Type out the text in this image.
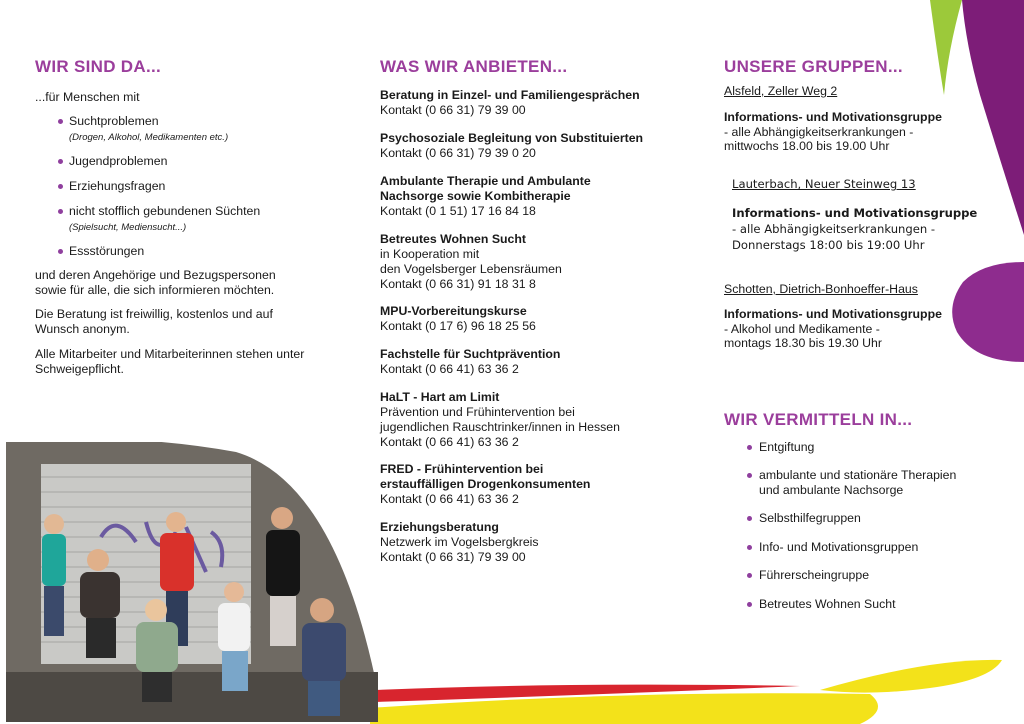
WIR SIND DA...
...für Menschen mit
Suchtproblemen
(Drogen, Alkohol, Medikamenten etc.)
Jugendproblemen
Erziehungsfragen
nicht stofflich gebundenen Süchten
(Spielsucht, Mediensucht...)
Essstörungen
und deren Angehörige und Bezugspersonen
sowie für alle, die sich informieren möchten.
Die Beratung ist freiwillig, kostenlos und auf
Wunsch anonym.
Alle Mitarbeiter und Mitarbeiterinnen stehen unter
Schweigepflicht.
WAS WIR ANBIETEN...
Beratung in Einzel- und Familiengesprächen
Kontakt (0 66 31) 79 39 00
Psychosoziale Begleitung von Substituierten
Kontakt (0 66 31) 79 39 0 20
Ambulante Therapie und Ambulante
Nachsorge sowie Kombitherapie
Kontakt (0 1 51) 17 16 84 18
Betreutes Wohnen Sucht
in Kooperation mit
den Vogelsberger Lebensräumen
Kontakt (0 66 31) 91 18 31 8
MPU-Vorbereitungskurse
Kontakt (0 17 6) 96 18 25 56
Fachstelle für Suchtprävention
Kontakt (0 66 41) 63 36 2
HaLT - Hart am Limit
Prävention und Frühintervention bei
jugendlichen Rauschtrinker/innen in Hessen
Kontakt (0 66 41) 63 36 2
FRED - Frühintervention bei
erstauffälligen Drogenkonsumenten
Kontakt (0 66 41) 63 36 2
Erziehungsberatung
Netzwerk im Vogelsbergkreis
Kontakt (0 66 31) 79 39 00
UNSERE GRUPPEN...
Alsfeld, Zeller Weg 2
Informations- und Motivationsgruppe
- alle Abhängigkeitserkrankungen -
mittwochs 18.00 bis 19.00 Uhr
Lauterbach, Neuer Steinweg 13
Informations- und Motivationsgruppe
- alle Abhängigkeitserkrankungen -
Donnerstags 18:00 bis 19:00 Uhr
Schotten, Dietrich-Bonhoeffer-Haus
Informations- und Motivationsgruppe
- Alkohol und Medikamente -
montags 18.30 bis 19.30 Uhr
WIR VERMITTELN IN...
Entgiftung
ambulante und stationäre Therapien
und ambulante Nachsorge
Selbsthilfegruppen
Info- und Motivationsgruppen
Führerscheingruppe
Betreutes Wohnen Sucht
